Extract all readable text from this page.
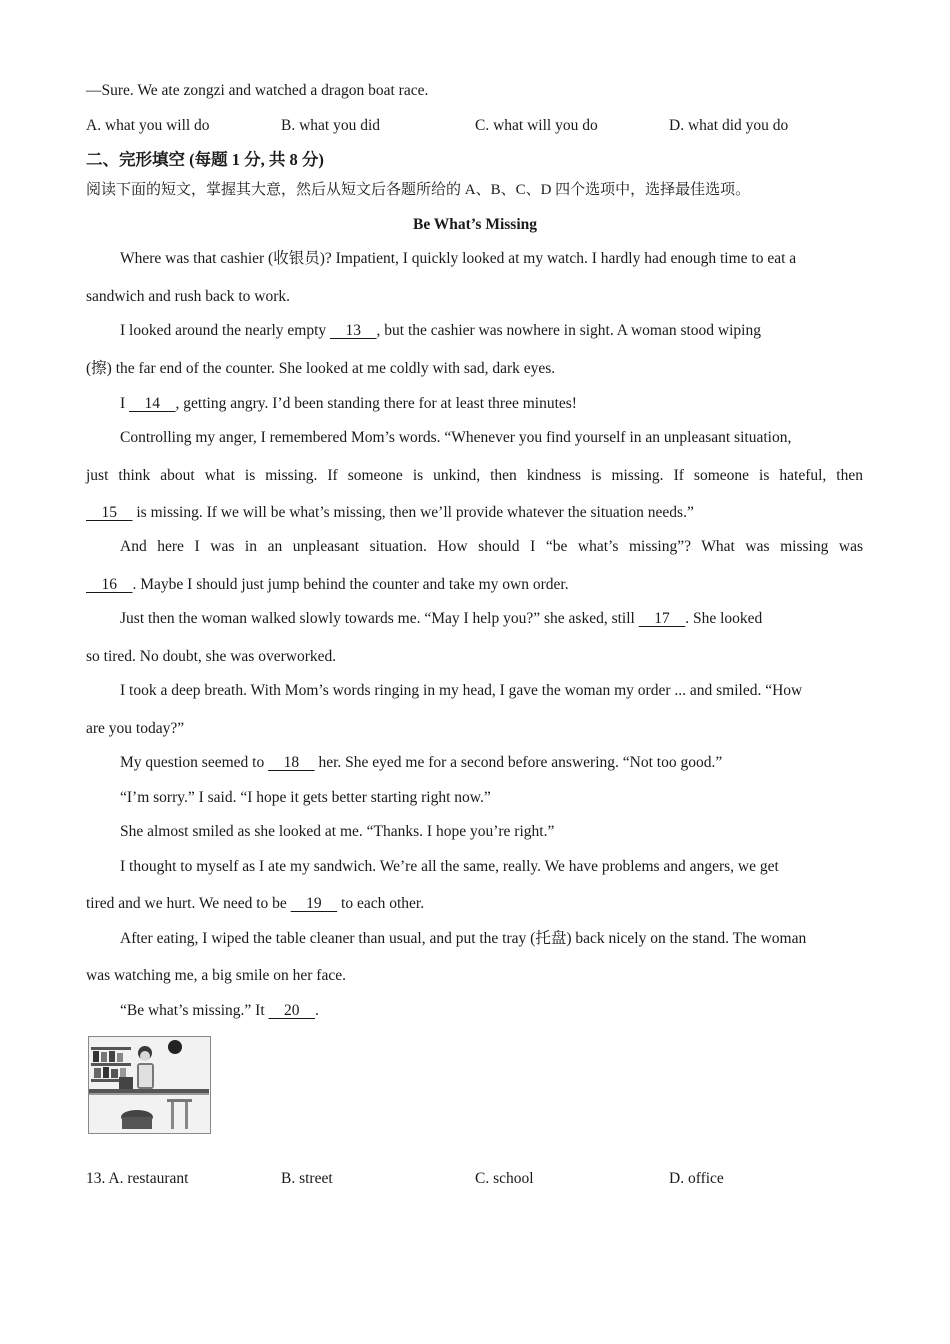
—Sure. We ate zongzi and watched a dragon boat race.
A. what you will do	B. what you did	C. what will you do	D. what did you do
二、完形填空 (每题 1 分, 共 8 分)
阅读下面的短文，掌握其大意，然后从短文后各题所给的 A、B、C、D 四个选项中，选择最佳选项。
Be What’s Missing
Where was that cashier (收银员)? Impatient, I quickly looked at my watch. I hardly had enough time to eat a
sandwich and rush back to work.
I looked around the nearly empty     13    , but the cashier was nowhere in sight. A woman stood wiping
(擦) the far end of the counter. She looked at me coldly with sad, dark eyes.
I     14    , getting angry. I’d been standing there for at least three minutes!
Controlling my anger, I remembered Mom’s words. “Whenever you find yourself in an unpleasant situation,
just think about what is missing. If someone is unkind, then kindness is missing. If someone is hateful, then
15     is missing. If we will be what’s missing, then we’ll provide whatever the situation needs.”
And here I was in an unpleasant situation. How should I “be what’s missing”? What was missing was
16    . Maybe I should just jump behind the counter and take my own order.
Just then the woman walked slowly towards me. “May I help you?” she asked, still     17    . She looked
so tired. No doubt, she was overworked.
I took a deep breath. With Mom’s words ringing in my head, I gave the woman my order ... and smiled. “How
are you today?”
My question seemed to     18     her. She eyed me for a second before answering. “Not too good.”
“I’m sorry.” I said. “I hope it gets better starting right now.”
She almost smiled as she looked at me. “Thanks. I hope you’re right.”
I thought to myself as I ate my sandwich. We’re all the same, really. We have problems and angers, we get
tired and we hurt. We need to be     19     to each other.
After eating, I wiped the table cleaner than usual, and put the tray (托盘) back nicely on the stand. The woman
was watching me, a big smile on her face.
“Be what’s missing.” It     20    .
13. A. restaurant	B. street	C. school	D. office
